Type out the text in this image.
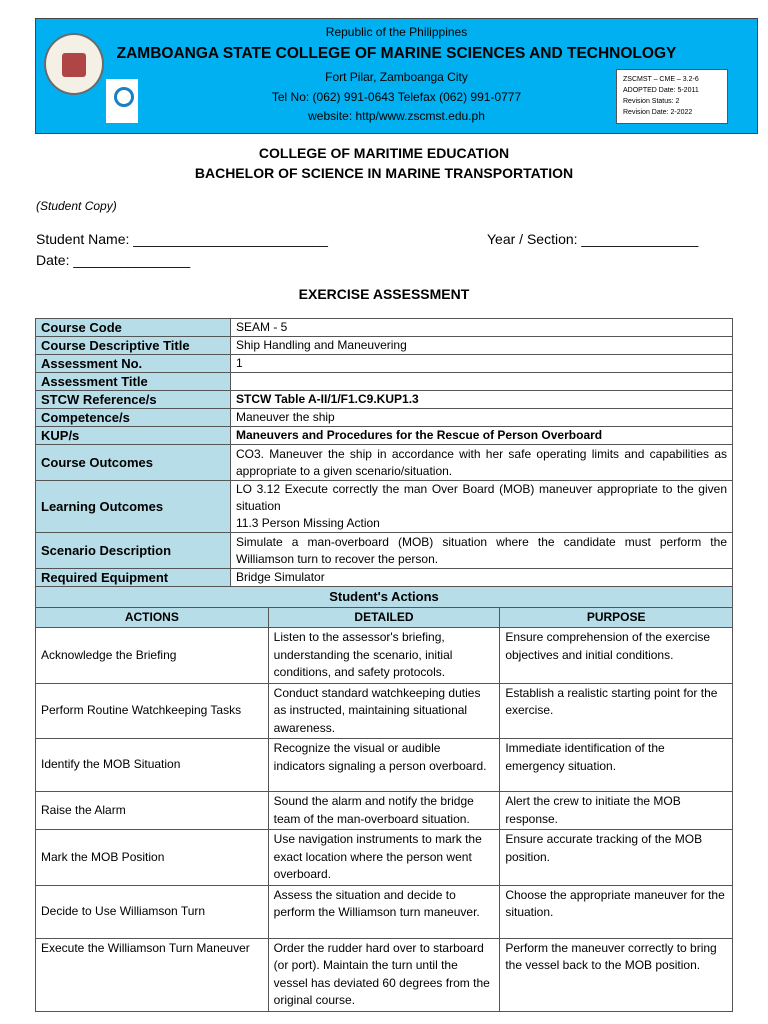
Republic of the Philippines
ZAMBOANGA STATE COLLEGE OF MARINE SCIENCES AND TECHNOLOGY
Fort Pilar, Zamboanga City
Tel No: (062) 991-0643 Telefax (062) 991-0777
website: http/www.zscmst.edu.ph
ZSCMST – CME – 3.2-6
ADOPTED Date: 5-2011
Revision Status: 2
Revision Date: 2-2022
COLLEGE OF MARITIME EDUCATION
BACHELOR OF SCIENCE IN MARINE TRANSPORTATION
(Student Copy)
Student Name: _________________________	Year / Section: _______________
Date: _______________
EXERCISE ASSESSMENT
Course Code	SEAM - 5
Course Descriptive Title	Ship Handling and Maneuvering
Assessment No.	1
Assessment Title	
STCW Reference/s	STCW Table A-II/1/F1.C9.KUP1.3
Competence/s	Maneuver the ship
KUP/s	Maneuvers and Procedures for the Rescue of Person Overboard
Course Outcomes	CO3. Maneuver the ship in accordance with her safe operating limits and capabilities as appropriate to a given scenario/situation.
Learning Outcomes	LO 3.12 Execute correctly the man Over Board (MOB) maneuver appropriate to the given situation
11.3 Person Missing Action

Scenario Description	Simulate a man-overboard (MOB) situation where the candidate must perform the Williamson turn to recover the person.
Required Equipment	Bridge Simulator
Student's Actions		
ACTIONS	DETAILED	PURPOSE
Acknowledge the Briefing	Listen to the assessor's briefing, understanding the scenario, initial conditions, and safety protocols.	Ensure comprehension of the exercise objectives and initial conditions.
Perform Routine Watchkeeping Tasks	Conduct standard watchkeeping duties as instructed, maintaining situational awareness.	Establish a realistic starting point for the exercise.
Identify the MOB Situation	Recognize the visual or audible indicators signaling a person overboard.	Immediate identification of the emergency situation.
Raise the Alarm	Sound the alarm and notify the bridge team of the man-overboard situation.	Alert the crew to initiate the MOB response.
Mark the MOB Position	Use navigation instruments to mark the exact location where the person went overboard.	Ensure accurate tracking of the MOB position.
Decide to Use Williamson Turn	Assess the situation and decide to perform the Williamson turn maneuver.	Choose the appropriate maneuver for the situation.
Execute the Williamson Turn Maneuver	Order the rudder hard over to starboard (or port). Maintain the turn until the vessel has deviated 60 degrees from the original course.	Perform the maneuver correctly to bring the vessel back to the MOB position.
